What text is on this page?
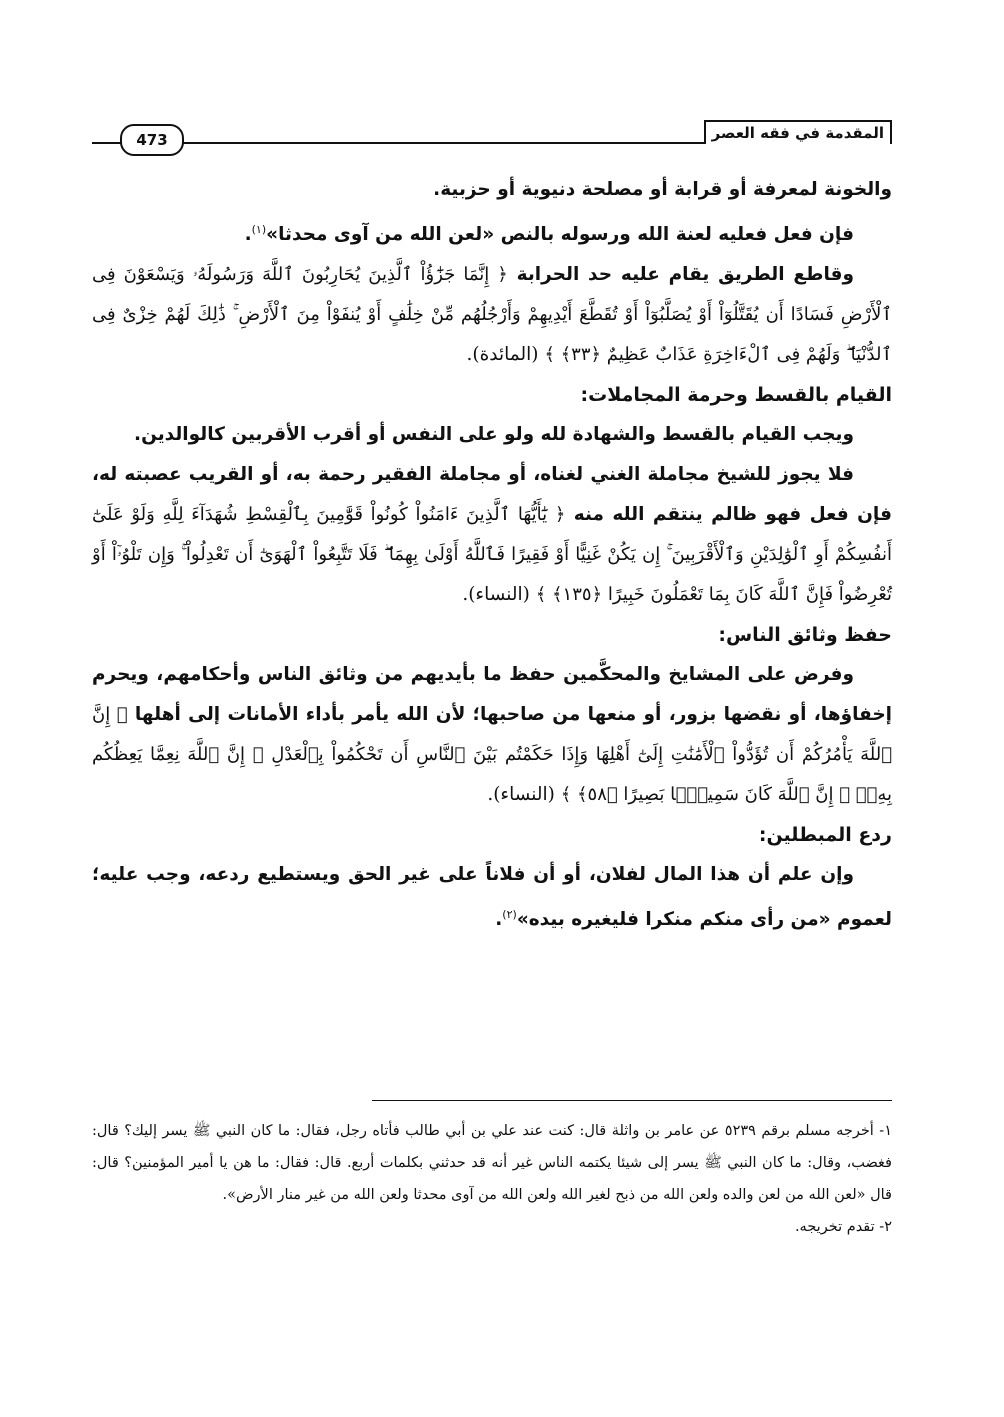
المقدمة في فقه العصر
473

والخونة لمعرفة أو قرابة أو مصلحة دنيوية أو حزبية.

فإن فعل فعليه لعنة الله ورسوله بالنص «لعن الله من آوى محدثا»$^{(١)}$.

وقاطع الطريق يقام عليه حد الحرابة ﴿ إِنَّمَا جَزَٰٓؤُاْ ٱلَّذِينَ يُحَارِبُونَ ٱللَّهَ وَرَسُولَهُۥ وَيَسْعَوْنَ فِى ٱلْأَرْضِ فَسَادًا أَن يُقَتَّلُوٓاْ أَوْ يُصَلَّبُوٓاْ أَوْ تُقَطَّعَ أَيْدِيهِمْ وَأَرْجُلُهُم مِّنْ خِلَٰفٍ أَوْ يُنفَوْاْ مِنَ ٱلْأَرْضِ ۚ ذَٰلِكَ لَهُمْ خِزْىٌ فِى ٱلدُّنْيَا ۖ وَلَهُمْ فِى ٱلْءَاخِرَةِ عَذَابٌ عَظِيمٌ ﴿٣٣﴾ ﴾ (المائدة).

القيام بالقسط وحرمة المجاملات:

ويجب القيام بالقسط والشهادة لله ولو على النفس أو أقرب الأقربين كالوالدين.

فلا يجوز للشيخ مجاملة الغني لغناه، أو مجاملة الفقير رحمة به، أو القريب عصبته له، فإن فعل فهو ظالم ينتقم الله منه ﴿ يَٰٓأَيُّهَا ٱلَّذِينَ ءَامَنُواْ كُونُواْ قَوَّٰمِينَ بِٱلْقِسْطِ شُهَدَآءَ لِلَّهِ وَلَوْ عَلَىٰٓ أَنفُسِكُمْ أَوِ ٱلْوَٰلِدَيْنِ وَٱلْأَقْرَبِينَ ۚ إِن يَكُنْ غَنِيًّا أَوْ فَقِيرًا فَٱللَّهُ أَوْلَىٰ بِهِمَا ۖ فَلَا تَتَّبِعُواْ ٱلْهَوَىٰٓ أَن تَعْدِلُواْ ۚ وَإِن تَلْوُۥٓاْ أَوْ تُعْرِضُواْ فَإِنَّ ٱللَّهَ كَانَ بِمَا تَعْمَلُونَ خَبِيرًا ﴿١٣٥﴾ ﴾ (النساء).

حفظ وثائق الناس:

وفرض على المشايخ والمحكَّمين حفظ ما بأيديهم من وثائق الناس وأحكامهم، ويحرم إخفاؤها، أو نقضها بزور، أو منعها من صاحبها؛ لأن الله يأمر بأداء الأمانات إلى أهلها ﴿ إِنَّ ٱللَّهَ يَأْمُرُكُمْ أَن تُؤَدُّواْ ٱلْأَمَٰنَٰتِ إِلَىٰٓ أَهْلِهَا وَإِذَا حَكَمْتُم بَيْنَ ٱلنَّاسِ أَن تَحْكُمُواْ بِٱلْعَدْلِ ۚ إِنَّ ٱللَّهَ نِعِمَّا يَعِظُكُم بِهِۦٓ ۗ إِنَّ ٱللَّهَ كَانَ سَمِيعًۢا بَصِيرًا ﴿٥٨﴾ ﴾ (النساء).

ردع المبطلين:

وإن علم أن هذا المال لفلان، أو أن فلاناً على غير الحق ويستطيع ردعه، وجب عليه؛ لعموم «من رأى منكم منكرا فليغيره بيده»$^{(٢)}$.

١- أخرجه مسلم برقم ٥٢٣٩ عن عامر بن واثلة قال: كنت عند علي بن أبي طالب فأتاه رجل، فقال: ما كان النبي ﷺ يسر إليك؟ قال: فغضب، وقال: ما كان النبي ﷺ يسر إلى شيئا يكتمه الناس غير أنه قد حدثني بكلمات أربع. قال: فقال: ما هن يا أمير المؤمنين؟ قال: قال «لعن الله من لعن والده ولعن الله من ذبح لغير الله ولعن الله من آوى محدثا ولعن الله من غير منار الأرض».

٢- تقدم تخريجه.
